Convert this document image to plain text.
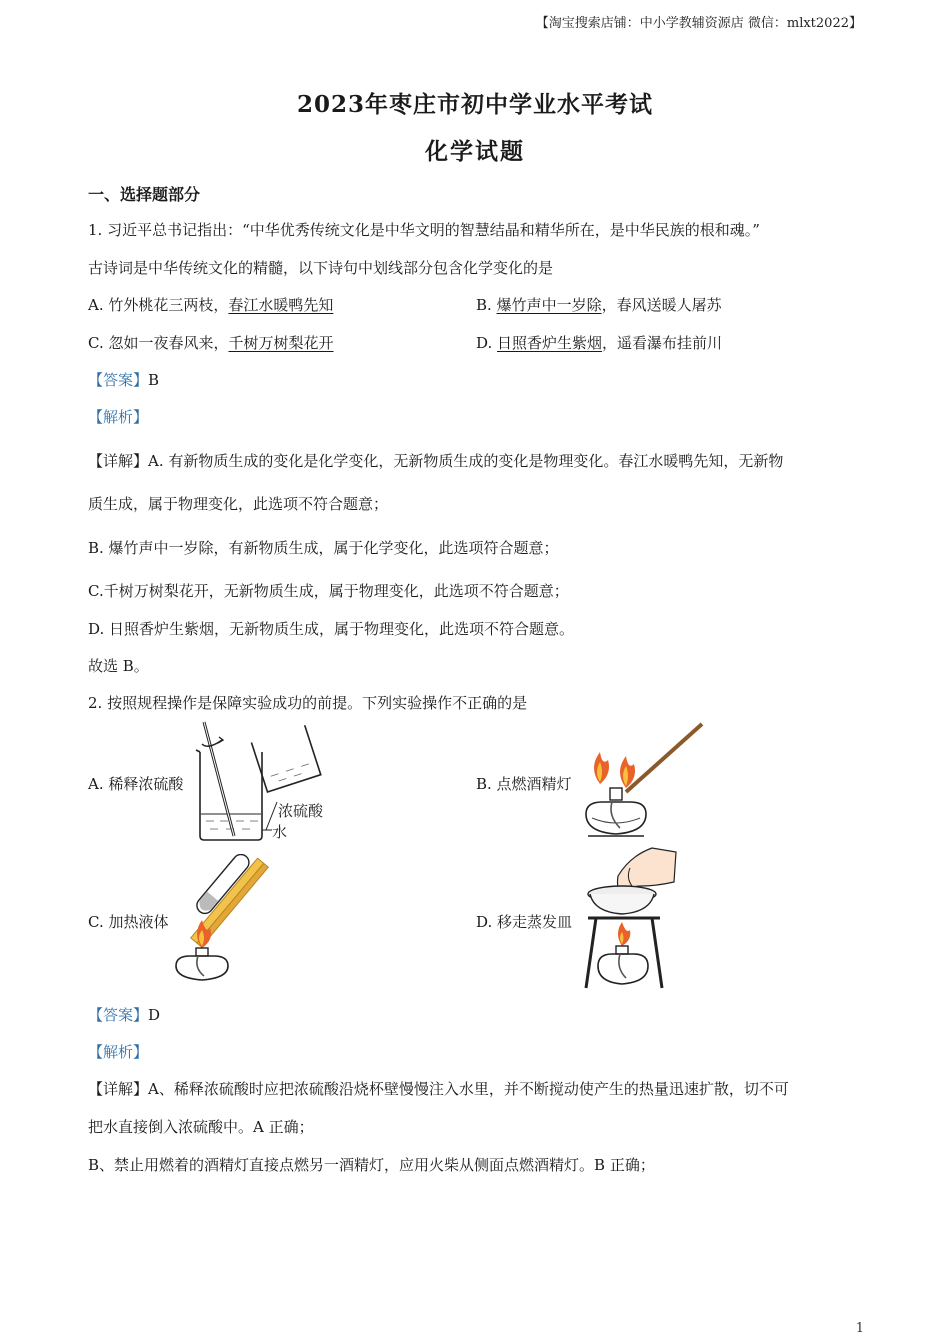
【淘宝搜索店铺：中小学教辅资源店 微信：mlxt2022】
2023年枣庄市初中学业水平考试
化学试题
一、选择题部分
1. 习近平总书记指出：“中华优秀传统文化是中华文明的智慧结晶和精华所在，是中华民族的根和魂。”
古诗词是中华传统文化的精髓，以下诗句中划线部分包含化学变化的是
A. 竹外桃花三两枝，春江水暖鸭先知	B. 爆竹声中一岁除，春风送暖人屠苏
C. 忽如一夜春风来，千树万树梨花开	D. 日照香炉生紫烟，遥看瀑布挂前川
【答案】B
【解析】
【详解】A. 有新物质生成的变化是化学变化，无新物质生成的变化是物理变化。春江水暖鸭先知，无新物
质生成，属于物理变化，此选项不符合题意；
B. 爆竹声中一岁除，有新物质生成，属于化学变化，此选项符合题意；
C.千树万树梨花开，无新物质生成，属于物理变化，此选项不符合题意；
D. 日照香炉生紫烟，无新物质生成，属于物理变化，此选项不符合题意。
故选 B。
2. 按照规程操作是保障实验成功的前提。下列实验操作不正确的是
A. 稀释浓硫酸	B. 点燃酒精灯
C. 加热液体	D. 移走蒸发皿
浓硫酸
水
【答案】D
【解析】
【详解】A、稀释浓硫酸时应把浓硫酸沿烧杯壁慢慢注入水里，并不断搅动使产生的热量迅速扩散，切不可
把水直接倒入浓硫酸中。A 正确；
B、禁止用燃着的酒精灯直接点燃另一酒精灯，应用火柴从侧面点燃酒精灯。B 正确；
1
